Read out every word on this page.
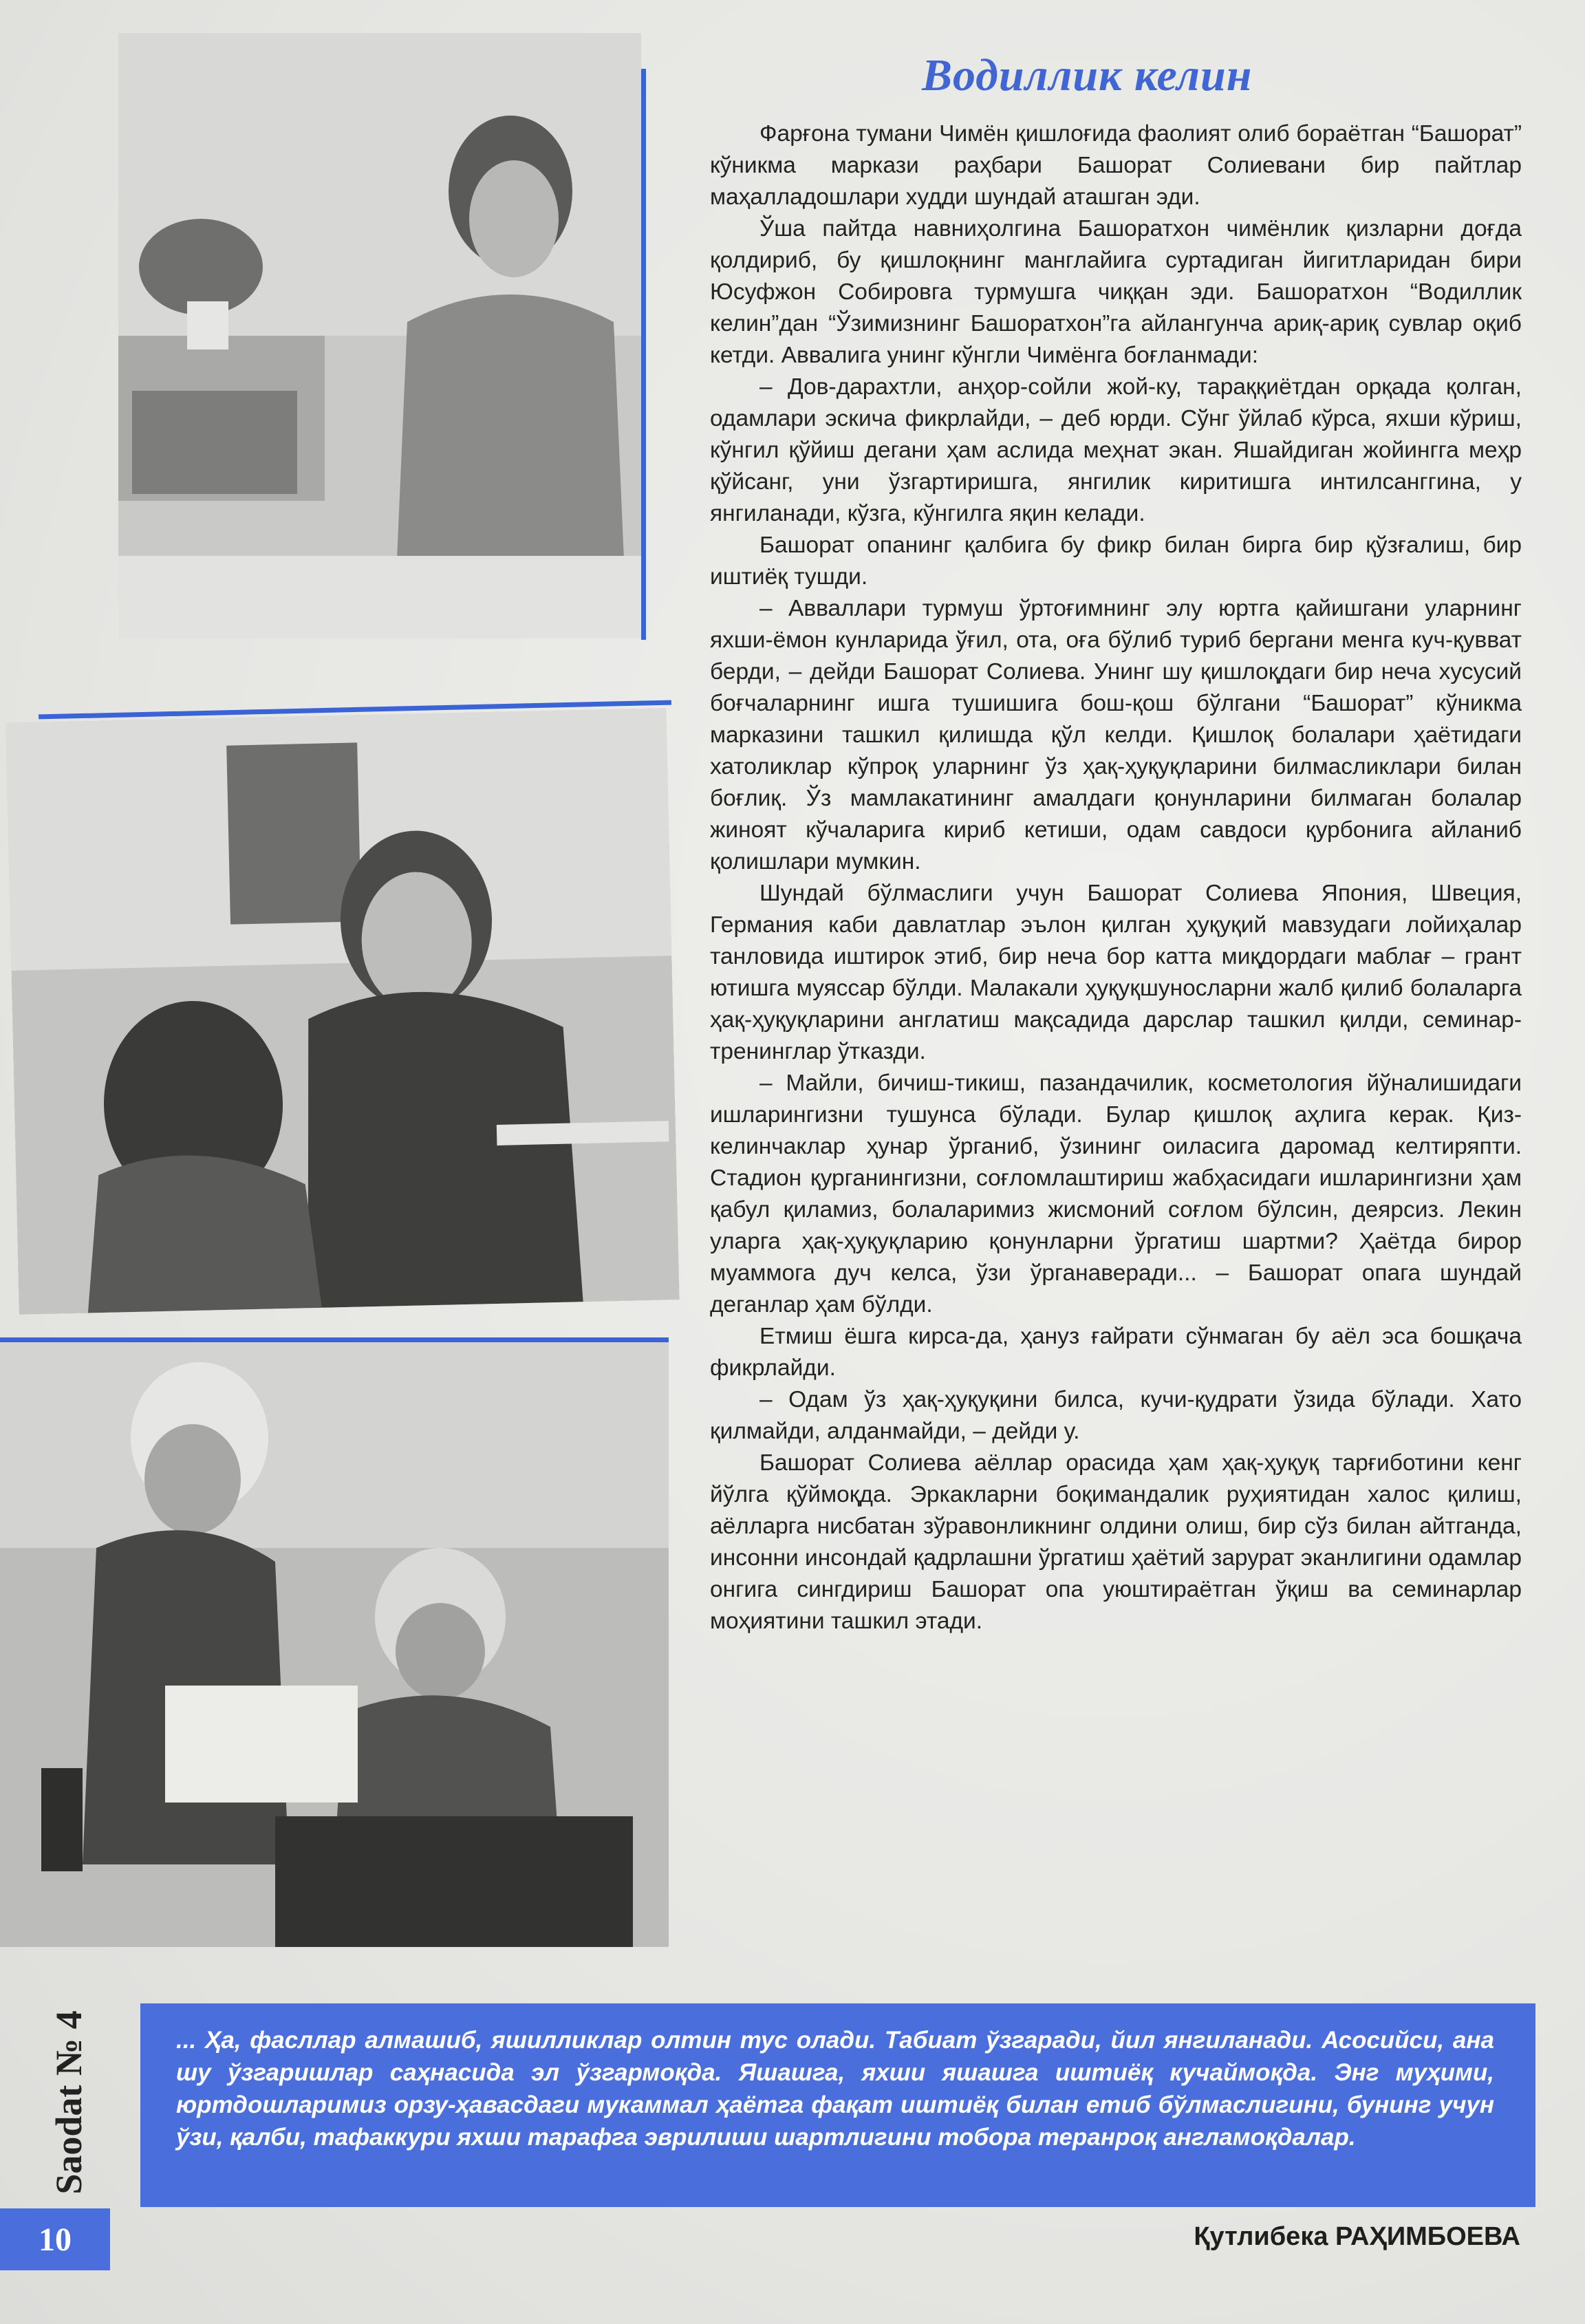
Водиллик келин

Фарғона тумани Чимён қишлоғида фаолият олиб бораётган “Башорат” кўникма маркази раҳбари Башорат Солиевани бир пайтлар маҳалладошлари худди шундай аташган эди.

Ўша пайтда навниҳолгина Башоратхон чимёнлик қизларни доғда қолдириб, бу қишлоқнинг манглайига суртадиган йигитларидан бири Юсуфжон Собировга турмушга чиққан эди. Башоратхон “Водиллик келин”дан “Ўзимизнинг Башоратхон”га айлангунча ариқ-ариқ сувлар оқиб кетди. Аввалига унинг кўнгли Чимёнга боғланмади:

– Дов-дарахтли, анҳор-сойли жой-ку, тараққиётдан орқада қолган, одамлари эскича фикрлайди, – деб юрди. Сўнг ўйлаб кўрса, яхши кўриш, кўнгил қўйиш дегани ҳам аслида меҳнат экан. Яшайдиган жойингга меҳр қўйсанг, уни ўзгартиришга, янгилик киритишга интилсанггина, у янгиланади, кўзга, кўнгилга яқин келади.

Башорат опанинг қалбига бу фикр билан бирга бир қўзғалиш, бир иштиёқ тушди.

– Авваллари турмуш ўртоғимнинг элу юртга қайишгани уларнинг яхши-ёмон кунларида ўғил, ота, оға бўлиб туриб бергани менга куч-қувват берди, – дейди Башорат Солиева. Унинг шу қишлоқдаги бир неча хусусий боғчаларнинг ишга тушишига бош-қош бўлгани “Башорат” кўникма марказини ташкил қилишда қўл келди. Қишлоқ болалари ҳаётидаги хатоликлар кўпроқ уларнинг ўз ҳақ-ҳуқуқларини билмасликлари билан боғлиқ. Ўз мамлакатининг амалдаги қонунларини билмаган болалар жиноят кўчаларига кириб кетиши, одам савдоси қурбонига айланиб қолишлари мумкин.

Шундай бўлмаслиги учун Башорат Солиева Япония, Швеция, Германия каби давлатлар эълон қилган ҳуқуқий мавзудаги лойиҳалар танловида иштирок этиб, бир неча бор катта миқдордаги маблағ – грант ютишга муяссар бўлди. Малакали ҳуқуқшуносларни жалб қилиб болаларга ҳақ-ҳуқуқларини англатиш мақсадида дарслар ташкил қилди, семинар-тренинглар ўтказди.

– Майли, бичиш-тикиш, пазандачилик, косметология йўналишидаги ишларингизни тушунса бўлади. Булар қишлоқ аҳлига керак. Қиз-келинчаклар ҳунар ўрганиб, ўзининг оиласига даромад келтиряпти. Стадион қурганингизни, соғломлаштириш жабҳасидаги ишларингизни ҳам қабул қиламиз, болаларимиз жисмоний соғлом бўлсин, деярсиз. Лекин уларга ҳақ-ҳуқуқларию қонунларни ўргатиш шартми? Ҳаётда бирор муаммога дуч келса, ўзи ўрганаверади... – Башорат опага шундай деганлар ҳам бўлди.

Етмиш ёшга кирса-да, ҳануз ғайрати сўнмаган бу аёл эса бошқача фикрлайди.

– Одам ўз ҳақ-ҳуқуқини билса, кучи-қудрати ўзида бўлади. Хато қилмайди, алданмайди, – дейди у.

Башорат Солиева аёллар орасида ҳам ҳақ-ҳуқуқ тарғиботини кенг йўлга қўймоқда. Эркакларни боқимандалик руҳиятидан халос қилиш, аёлларга нисбатан зўравонликнинг олдини олиш, бир сўз билан айтганда, инсонни инсондай қадрлашни ўргатиш ҳаётий зарурат эканлигини одамлар онгига сингдириш Башорат опа уюштираётган ўқиш ва семинарлар моҳиятини ташкил этади.

... Ҳа, фасллар алмашиб, яшилликлар олтин тус олади. Табиат ўзгаради, йил янгиланади. Асосийси, ана шу ўзгаришлар саҳнасида эл ўзгармоқда. Яшашга, яхши яшашга иштиёқ кучаймоқда. Энг муҳими, юртдошларимиз орзу-ҳавасдаги мукаммал ҳаётга фақат иштиёқ билан етиб бўлмаслигини, бунинг учун ўзи, қалби, тафаккури яхши тарафга эврилиши шартлигини тобора теранроқ англамоқдалар.
Saodat № 4
10	Қутлибека РАҲИМБОЕВА
